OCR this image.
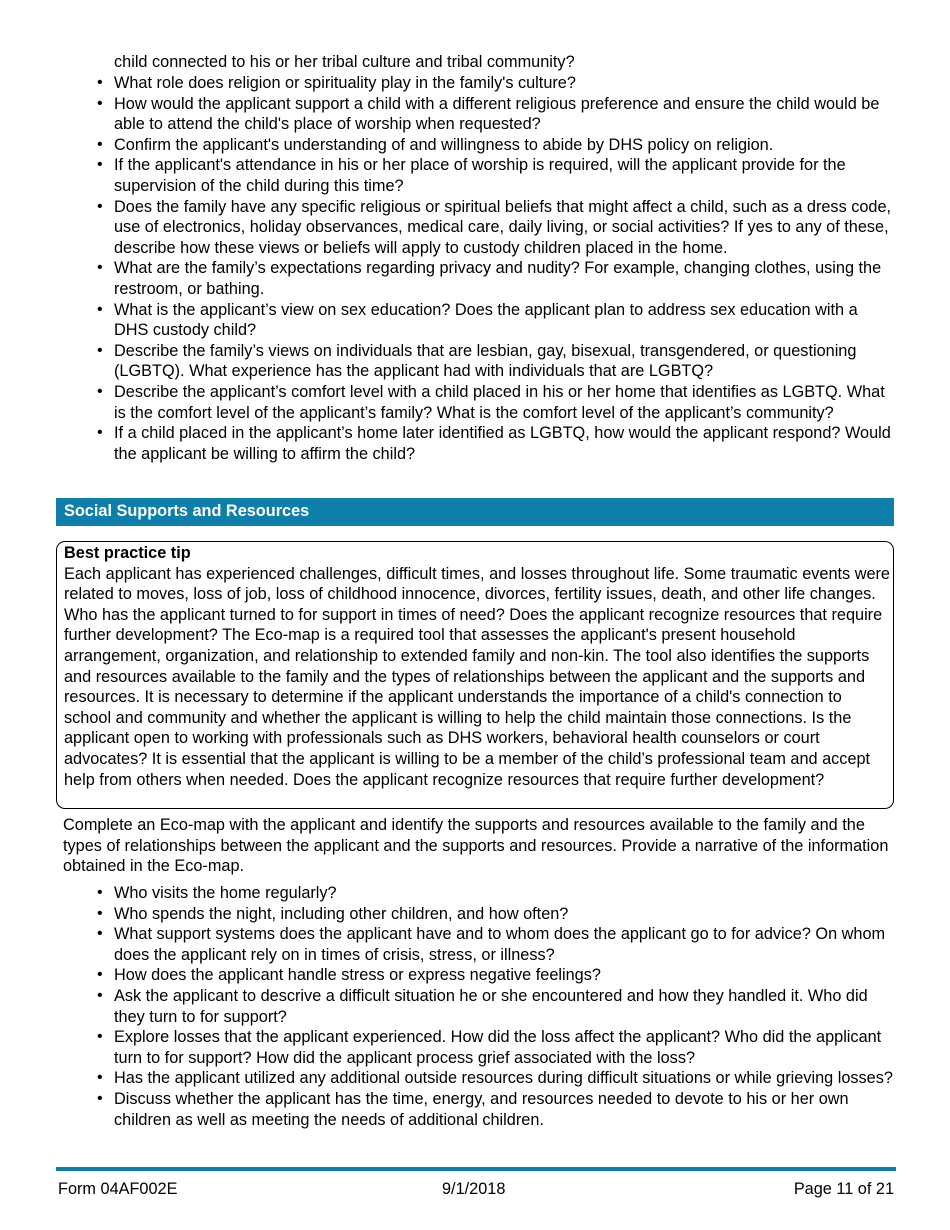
child connected to his or her tribal culture and tribal community?

• What role does religion or spirituality play in the family's culture?
• How would the applicant support a child with a different religious preference and ensure the child would be able to attend the child's place of worship when requested?
• Confirm the applicant's understanding of and willingness to abide by DHS policy on religion.
• If the applicant's attendance in his or her place of worship is required, will the applicant provide for the supervision of the child during this time?
• Does the family have any specific religious or spiritual beliefs that might affect a child, such as a dress code, use of electronics, holiday observances, medical care, daily living, or social activities? If yes to any of these, describe how these views or beliefs will apply to custody children placed in the home.
• What are the family’s expectations regarding privacy and nudity? For example, changing clothes, using the restroom, or bathing.
• What is the applicant’s view on sex education? Does the applicant plan to address sex education with a DHS custody child?
• Describe the family’s views on individuals that are lesbian, gay, bisexual, transgendered, or questioning (LGBTQ). What experience has the applicant had with individuals that are LGBTQ?
• Describe the applicant’s comfort level with a child placed in his or her home that identifies as LGBTQ. What is the comfort level of the applicant’s family? What is the comfort level of the applicant’s community?
• If a child placed in the applicant’s home later identified as LGBTQ, how would the applicant respond? Would the applicant be willing to affirm the child?
Social Supports and Resources
Best practice tip

Each applicant has experienced challenges, difficult times, and losses throughout life. Some traumatic events were related to moves, loss of job, loss of childhood innocence, divorces, fertility issues, death, and other life changes. Who has the applicant turned to for support in times of need? Does the applicant recognize resources that require further development? The Eco-map is a required tool that assesses the applicant's present household arrangement, organization, and relationship to extended family and non-kin. The tool also identifies the supports and resources available to the family and the types of relationships between the applicant and the supports and resources. It is necessary to determine if the applicant understands the importance of a child's connection to school and community and whether the applicant is willing to help the child maintain those connections. Is the applicant open to working with professionals such as DHS workers, behavioral health counselors or court advocates? It is essential that the applicant is willing to be a member of the child’s professional team and accept help from others when needed. Does the applicant recognize resources that require further development?

Complete an Eco-map with the applicant and identify the supports and resources available to the family and the types of relationships between the applicant and the supports and resources. Provide a narrative of the information obtained in the Eco-map.

• Who visits the home regularly?
• Who spends the night, including other children, and how often?
• What support systems does the applicant have and to whom does the applicant go to for advice? On whom does the applicant rely on in times of crisis, stress, or illness?
• How does the applicant handle stress or express negative feelings?
• Ask the applicant to descrive a difficult situation he or she encountered and how they handled it. Who did they turn to for support?
• Explore losses that the applicant experienced. How did the loss affect the applicant? Who did the applicant turn to for support? How did the applicant process grief associated with the loss?
• Has the applicant utilized any additional outside resources during difficult situations or while grieving losses?
• Discuss whether the applicant has the time, energy, and resources needed to devote to his or her own children as well as meeting the needs of additional children.
Form 04AF002E	9/1/2018	Page 11 of 21
